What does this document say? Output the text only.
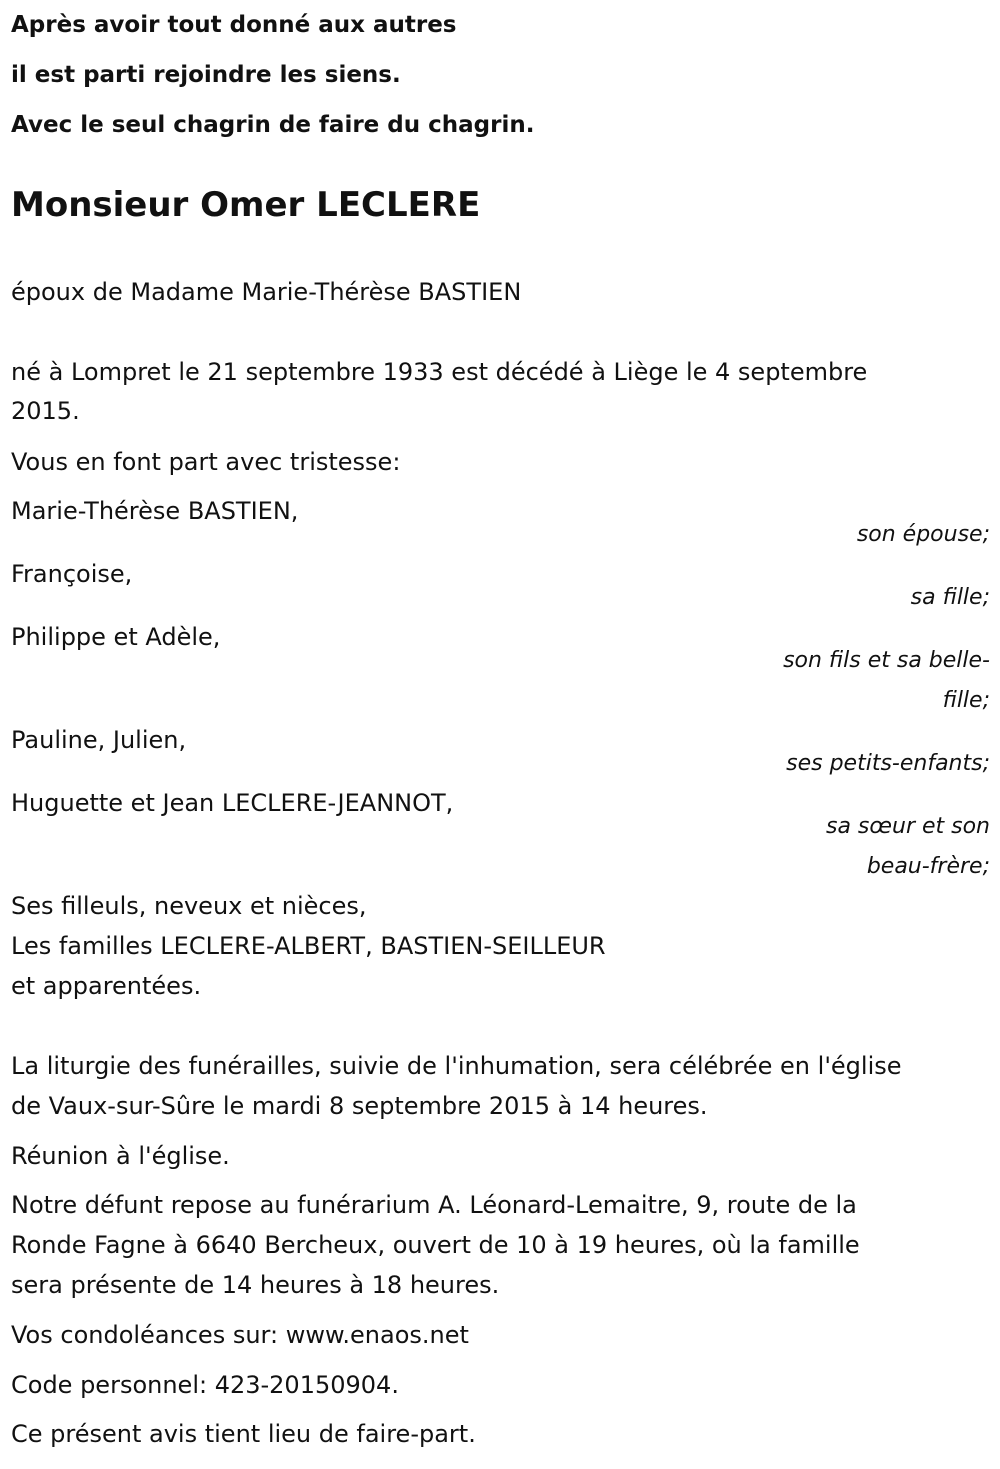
Après avoir tout donné aux autres
il est parti rejoindre les siens.
Avec le seul chagrin de faire du chagrin.
Monsieur Omer LECLERE
époux de Madame Marie-Thérèse BASTIEN
né à Lompret le 21 septembre 1933 est décédé à Liège le 4 septembre
2015.
Vous en font part avec tristesse:
Marie-Thérèse BASTIEN,
son épouse;
Françoise,
sa fille;
Philippe et Adèle,
son fils et sa belle-
fille;
Pauline, Julien,
ses petits-enfants;
Huguette et Jean LECLERE-JEANNOT,
sa sœur et son
beau-frère;
Ses filleuls, neveux et nièces,
Les familles LECLERE-ALBERT, BASTIEN-SEILLEUR
et apparentées.
La liturgie des funérailles, suivie de l'inhumation, sera célébrée en l'église
de Vaux-sur-Sûre le mardi 8 septembre 2015 à 14 heures.
Réunion à l'église.
Notre défunt repose au funérarium A. Léonard-Lemaitre, 9, route de la
Ronde Fagne à 6640 Bercheux, ouvert de 10 à 19 heures, où la famille
sera présente de 14 heures à 18 heures.
Vos condoléances sur: www.enaos.net
Code personnel: 423-20150904.
Ce présent avis tient lieu de faire-part.
